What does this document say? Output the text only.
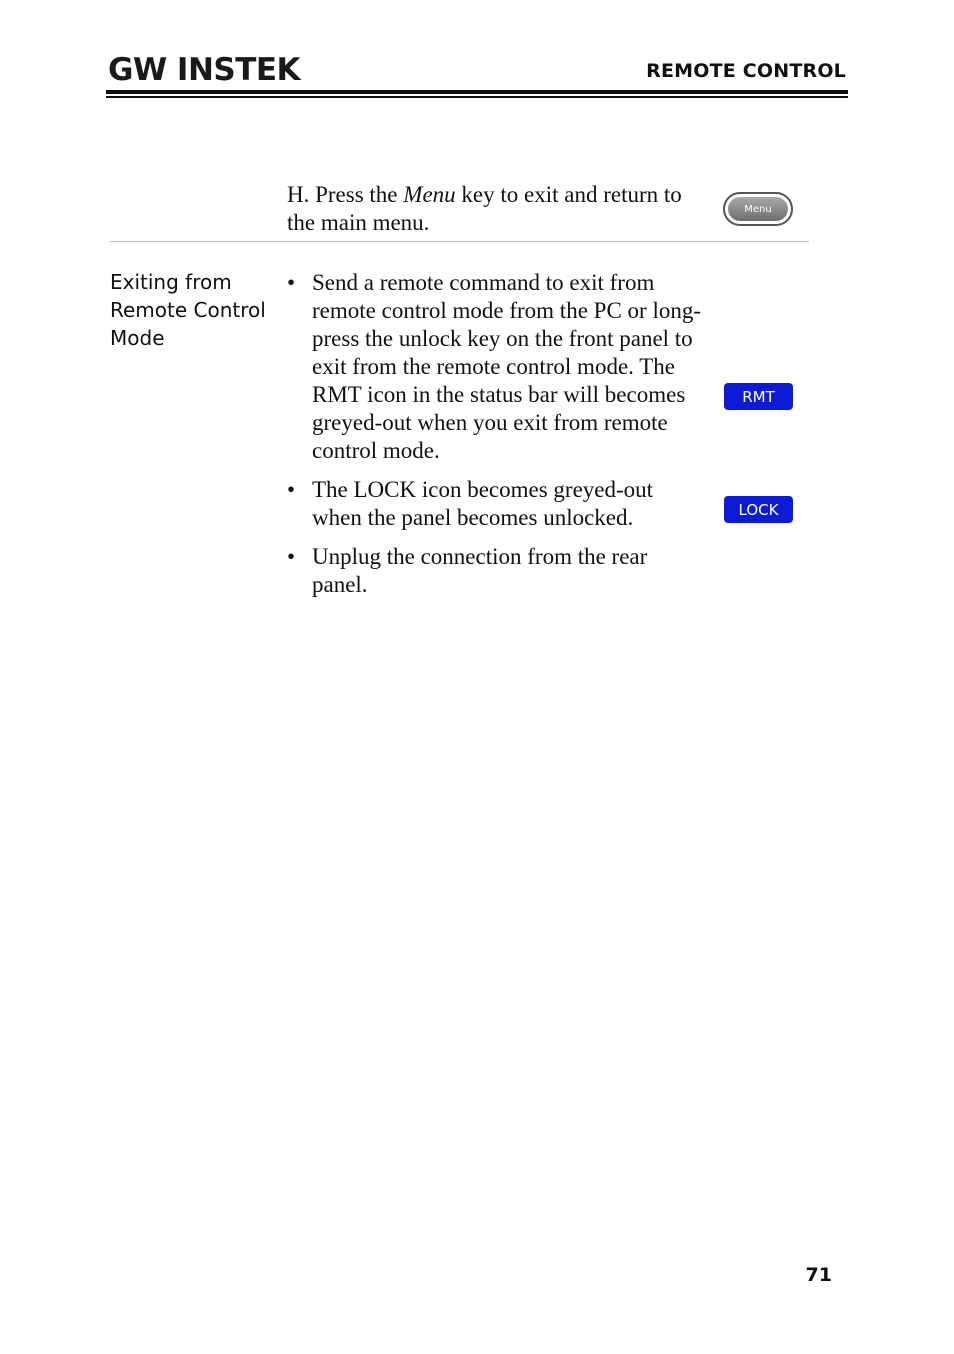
GW INSTEK	REMOTE CONTROL
H. Press the Menu key to exit and return to the main menu.
Menu
Exiting from Remote Control Mode
• Send a remote command to exit from remote control mode from the PC or long-press the unlock key on the front panel to exit from the remote control mode. The RMT icon in the status bar will becomes greyed-out when you exit from remote control mode.
• The LOCK icon becomes greyed-out when the panel becomes unlocked.
• Unplug the connection from the rear panel.
RMT
LOCK
71
